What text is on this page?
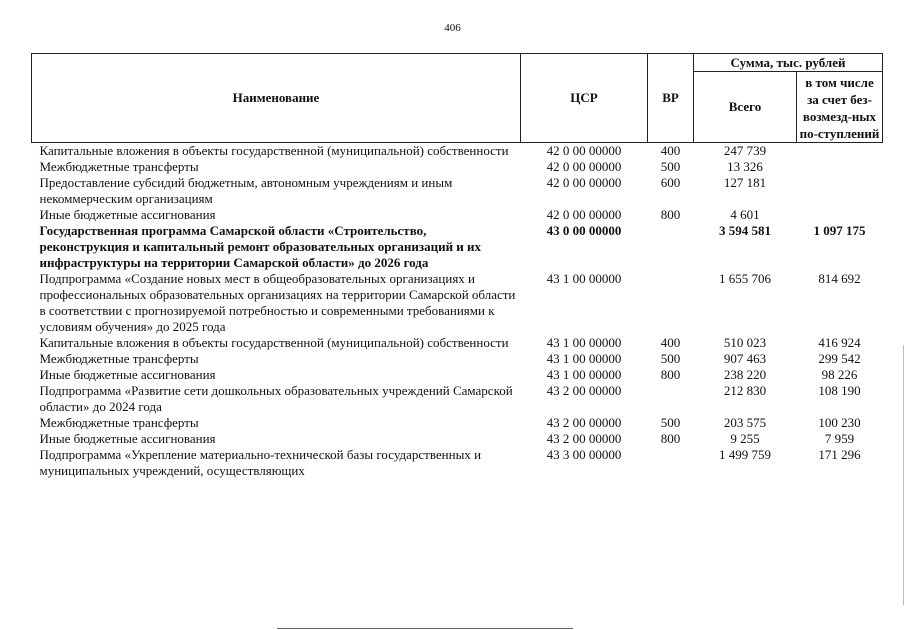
406
Наименование	ЦСР	ВР	Сумма, тыс. рублей	
			Всего	в том числе за счет без-возмезд-ных по-ступлений
Капитальные вложения в объекты государственной (муниципальной) собственности	42 0 00 00000	400	247 739	
Межбюджетные трансферты	42 0 00 00000	500	13 326	
Предоставление субсидий бюджетным, автономным учреждениям и иным некоммерческим организациям	42 0 00 00000	600	127 181	
Иные бюджетные ассигнования	42 0 00 00000	800	4 601	
Государственная программа Самарской области «Строительство, реконструкция и капитальный ремонт образовательных организаций и их инфраструктуры на территории Самарской области» до 2026 года	43 0 00 00000		3 594 581	1 097 175
Подпрограмма «Создание новых мест в общеобразовательных организациях и профессиональных образовательных организациях на территории Самарской области в соответствии с прогнозируемой потребностью и современными требованиями к условиям обучения» до 2025 года	43 1 00 00000		1 655 706	814 692
Капитальные вложения в объекты государственной (муниципальной) собственности	43 1 00 00000	400	510 023	416 924
Межбюджетные трансферты	43 1 00 00000	500	907 463	299 542
Иные бюджетные ассигнования	43 1 00 00000	800	238 220	98 226
Подпрограмма «Развитие сети дошкольных образовательных учреждений Самарской области» до 2024 года	43 2 00 00000		212 830	108 190
Межбюджетные трансферты	43 2 00 00000	500	203 575	100 230
Иные бюджетные ассигнования	43 2 00 00000	800	9 255	7 959
Подпрограмма «Укрепление материально-технической базы государственных и муниципальных учреждений, осуществляющих	43 3 00 00000		1 499 759	171 296
